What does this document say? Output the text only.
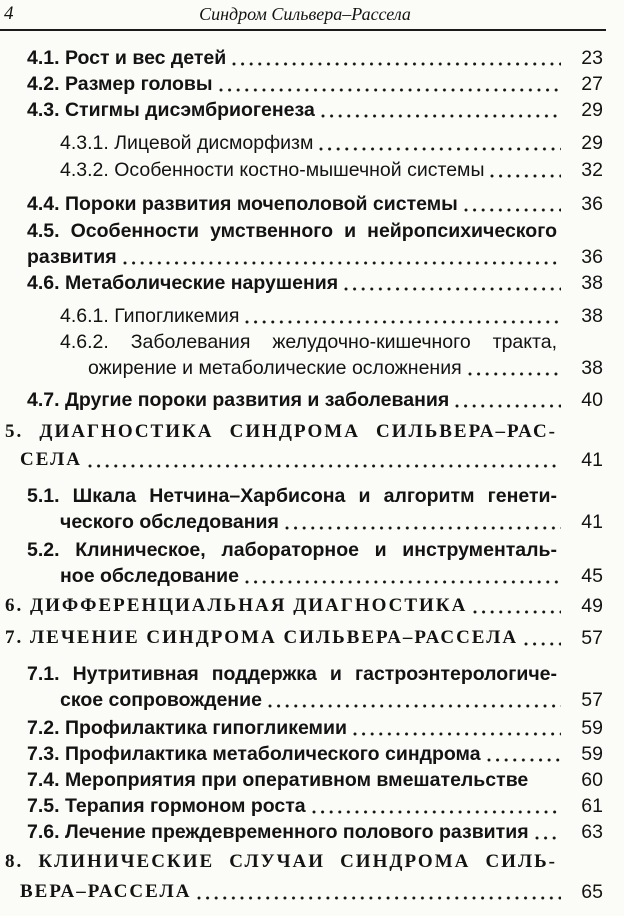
4	Синдром Сильвера–Рассела
4.1. Рост и вес детей	23
4.2. Размер головы	27
4.3. Стигмы дисэмбриогенеза	29
4.3.1. Лицевой дисморфизм	29
4.3.2. Особенности костно-мышечной системы	32
4.4. Пороки развития мочеполовой системы	36
4.5. Особенности умственного и нейропсихического
развития	36
4.6. Метаболические нарушения	38
4.6.1. Гипогликемия	38
4.6.2. Заболевания желудочно-кишечного тракта,
ожирение и метаболические осложнения	38
4.7. Другие пороки развития и заболевания	40
5. ДИАГНОСТИКА СИНДРОМА СИЛЬВЕРА–РАС-
СЕЛА	41
5.1. Шкала Нетчина–Харбисона и алгоритм генети-
ческого обследования	41
5.2. Клиническое, лабораторное и инструменталь-
ное обследование	45
6. ДИФФЕРЕНЦИАЛЬНАЯ ДИАГНОСТИКА	49
7. ЛЕЧЕНИЕ СИНДРОМА СИЛЬВЕРА–РАССЕЛА	57
7.1. Нутритивная поддержка и гастроэнтерологиче-
ское сопровождение	57
7.2. Профилактика гипогликемии	59
7.3. Профилактика метаболического синдрома	59
7.4. Мероприятия при оперативном вмешательстве	60
7.5. Терапия гормоном роста	61
7.6. Лечение преждевременного полового развития	63
8. КЛИНИЧЕСКИЕ СЛУЧАИ СИНДРОМА СИЛЬ-
ВЕРА–РАССЕЛА	65
